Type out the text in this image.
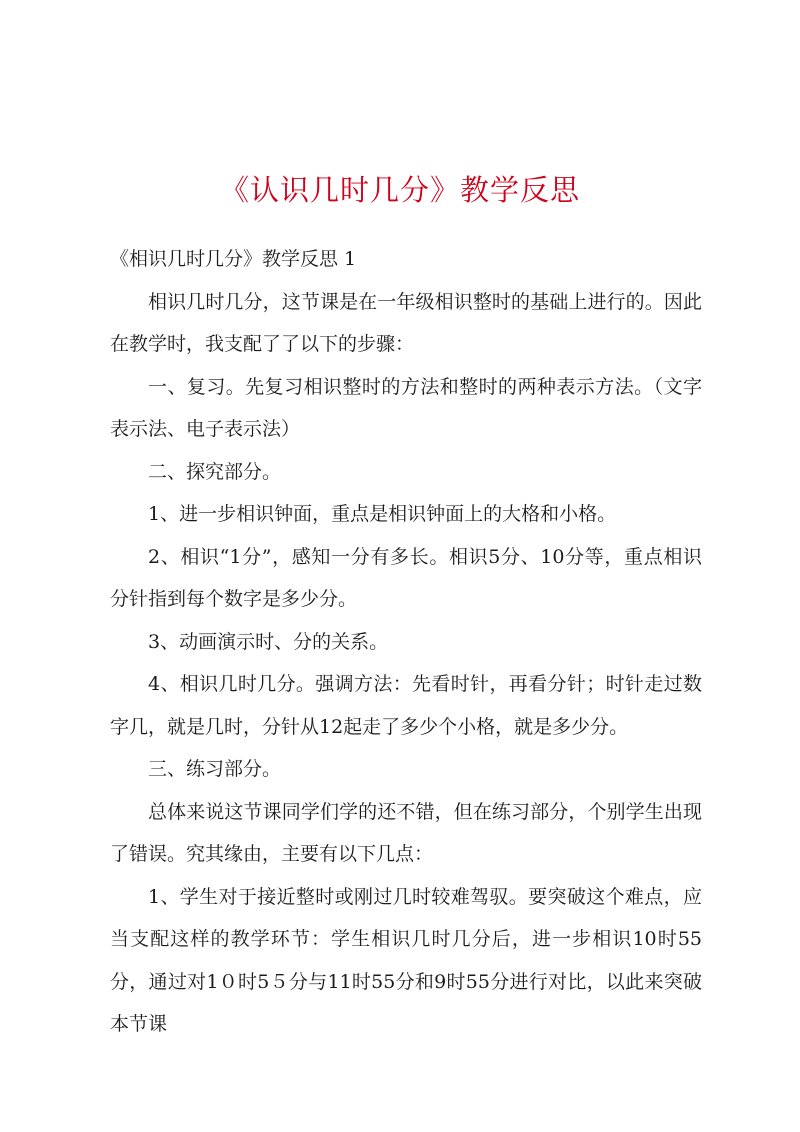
《认识几时几分》教学反思

《相识几时几分》教学反思 1

相识几时几分，这节课是在一年级相识整时的基础上进行的。因此在教学时，我支配了了以下的步骤：

一、复习。先复习相识整时的方法和整时的两种表示方法。（文字表示法、电子表示法）

二、探究部分。

1、进一步相识钟面，重点是相识钟面上的大格和小格。

2、相识“1分”，感知一分有多长。相识5分、10分等，重点相识分针指到每个数字是多少分。

3、动画演示时、分的关系。

4、相识几时几分。强调方法：先看时针，再看分针；时针走过数字几，就是几时，分针从12起走了多少个小格，就是多少分。

三、练习部分。

总体来说这节课同学们学的还不错，但在练习部分，个别学生出现了错误。究其缘由，主要有以下几点：

1、学生对于接近整时或刚过几时较难驾驭。要突破这个难点，应当支配这样的教学环节：学生相识几时几分后，进一步相识10时55分，通过对1０时5５分与11时55分和9时55分进行对比，以此来突破本节课
